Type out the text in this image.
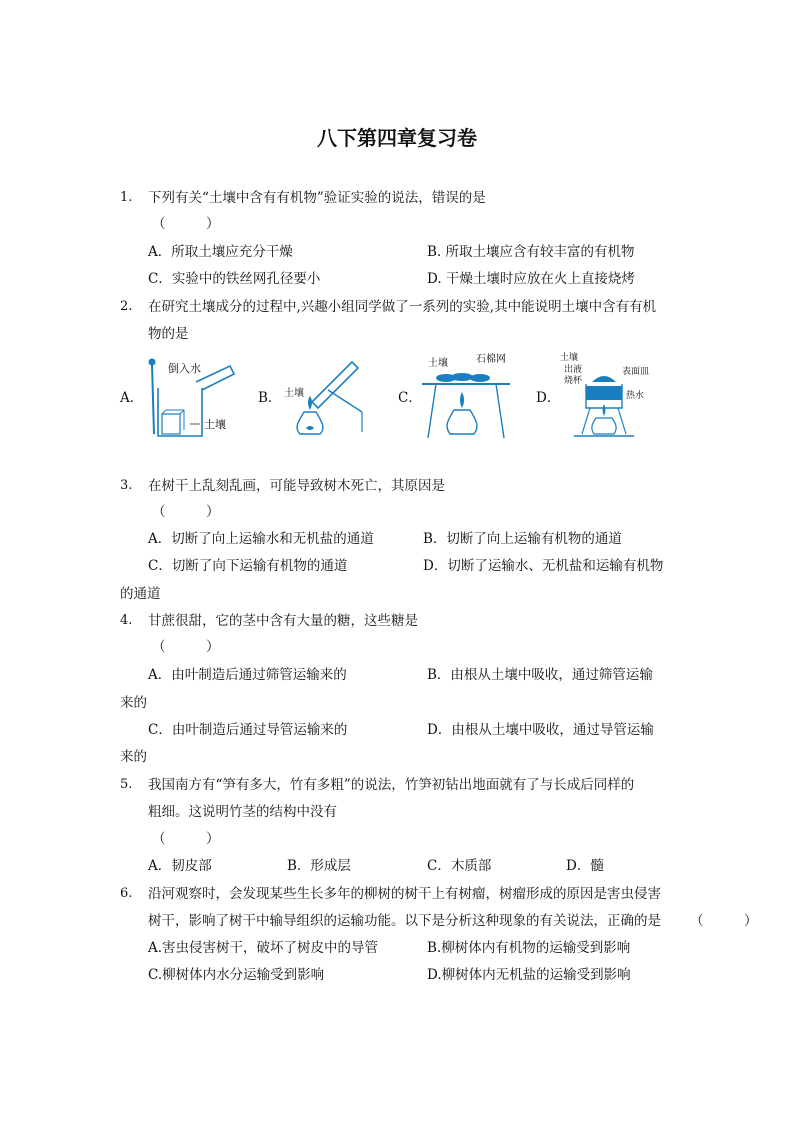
八下第四章复习卷
1. 下列有关“土壤中含有有机物”验证实验的说法，错误的是
（　　　）
A．所取土壤应充分干燥	B. 所取土壤应含有较丰富的有机物
C．实验中的铁丝网孔径要小	D. 干燥土壤时应放在火上直接烧烤
2. 在研究土壤成分的过程中,兴趣小组同学做了一系列的实验,其中能说明土壤中含有有机
物的是
A．	B．	C．	D．
倒入水
土壤
土壤
土壤	石棉网	土壤
出液
烧杯
表面皿
热水
3. 在树干上乱刻乱画，可能导致树木死亡，其原因是
（　　　）
A．切断了向上运输水和无机盐的通道	B．切断了向上运输有机物的通道
C．切断了向下运输有机物的通道	D．切断了运输水、无机盐和运输有机物
的通道
4. 甘蔗很甜，它的茎中含有大量的糖，这些糖是
（　　　）
A．由叶制造后通过筛管运输来的	B．由根从土壤中吸收，通过筛管运输
来的
C．由叶制造后通过导管运输来的	D．由根从土壤中吸收，通过导管运输
来的
5. 我国南方有“笋有多大，竹有多粗”的说法，竹笋初钻出地面就有了与长成后同样的
粗细。这说明竹茎的结构中没有
（　　　）
A．韧皮部	B．形成层	C．木质部	D．髓
6. 沿河观察时，会发现某些生长多年的柳树的树干上有树瘤，树瘤形成的原因是害虫侵害
树干，影响了树干中输导组织的运输功能。以下是分析这种现象的有关说法，正确的是 （　　　）
A.害虫侵害树干，破坏了树皮中的导管	B.柳树体内有机物的运输受到影响
C.柳树体内水分运输受到影响	D.柳树体内无机盐的运输受到影响
